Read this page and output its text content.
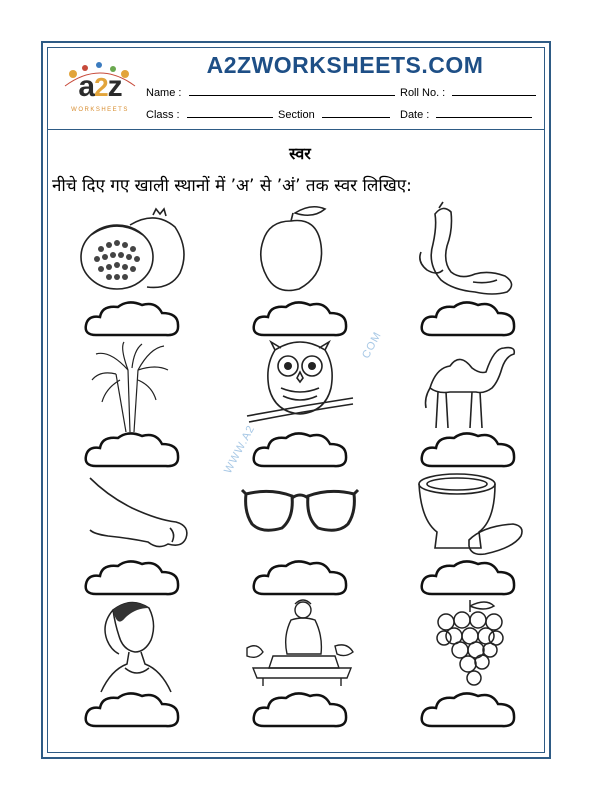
a2z
WORKSHEETS
A2ZWORKSHEETS.COM
Name :	Roll No. :
Class :	Section	Date :
स्वर
नीचे दिए गए खाली स्थानों में ’अ’ से ’अं’ तक स्वर लिखिए:
COM
WWW.A2
